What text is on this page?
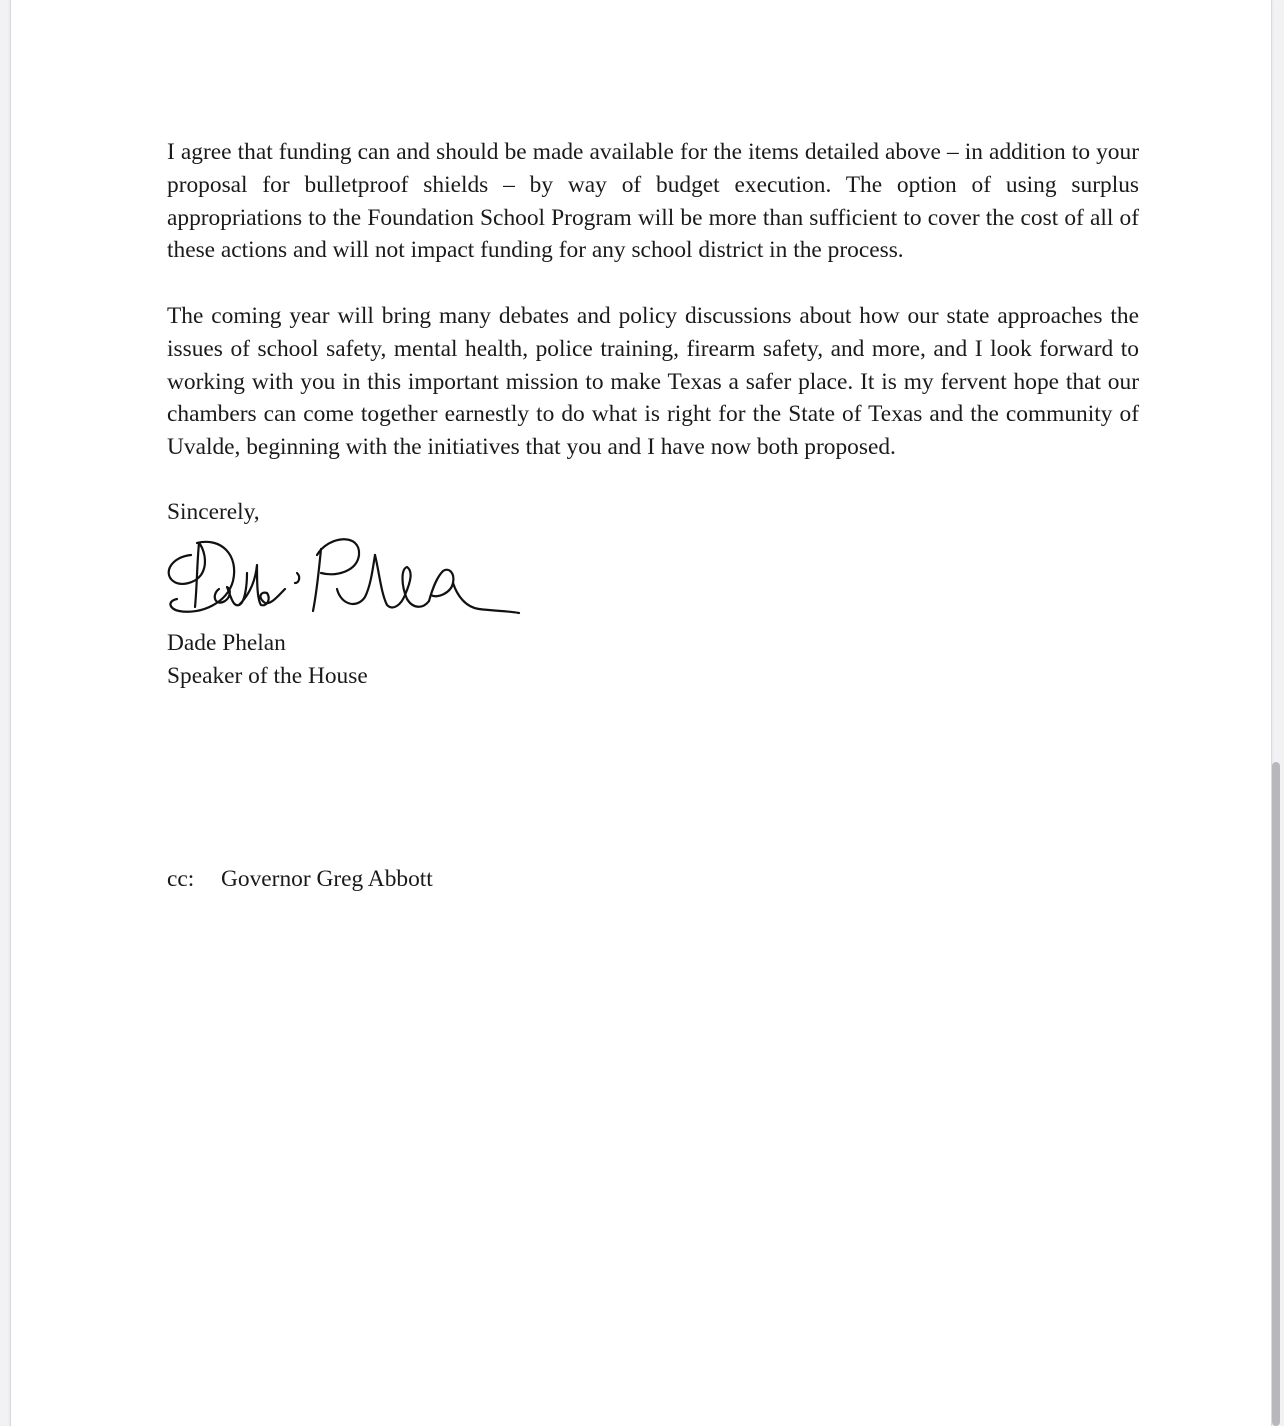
I agree that funding can and should be made available for the items detailed above – in addition to your proposal for bulletproof shields – by way of budget execution. The option of using surplus appropriations to the Foundation School Program will be more than sufficient to cover the cost of all of these actions and will not impact funding for any school district in the process.

The coming year will bring many debates and policy discussions about how our state approaches the issues of school safety, mental health, police training, firearm safety, and more, and I look forward to working with you in this important mission to make Texas a safer place. It is my fervent hope that our chambers can come together earnestly to do what is right for the State of Texas and the community of Uvalde, beginning with the initiatives that you and I have now both proposed.

Sincerely,

Dade Phelan

Speaker of the House

cc: Governor Greg Abbott
